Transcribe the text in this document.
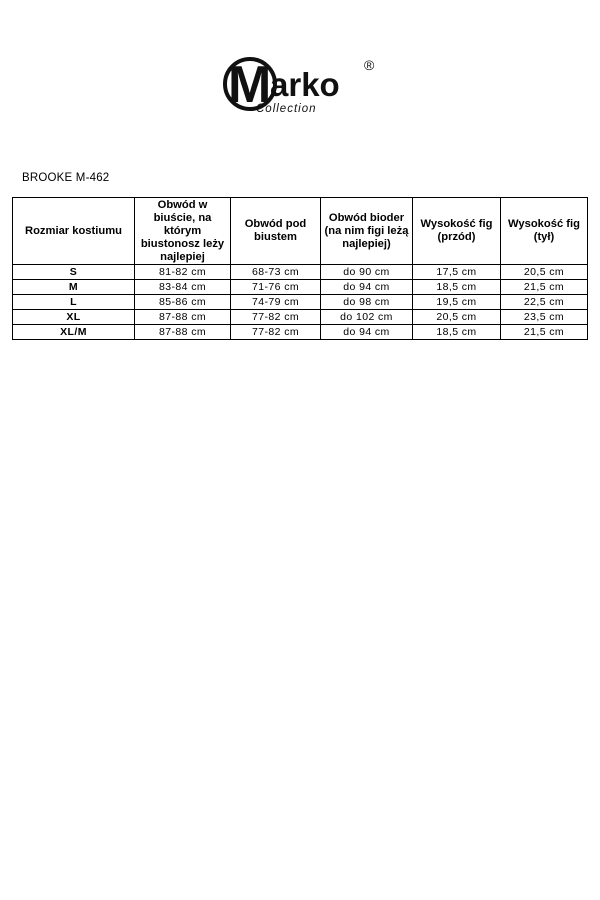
M
arko
®
Collection
BROOKE M-462
Rozmiar kostiumu	Obwód w biuście, na którym biustonosz leży najlepiej	Obwód pod biustem	Obwód bioder (na nim figi leżą najlepiej)	Wysokość fig (przód)	Wysokość fig (tył)
S	81-82 cm	68-73 cm	do 90 cm	17,5 cm	20,5 cm
M	83-84 cm	71-76 cm	do 94 cm	18,5 cm	21,5 cm
L	85-86 cm	74-79 cm	do 98 cm	19,5 cm	22,5 cm
XL	87-88 cm	77-82 cm	do 102 cm	20,5 cm	23,5 cm
XL/M	87-88 cm	77-82 cm	do 94 cm	18,5 cm	21,5 cm
